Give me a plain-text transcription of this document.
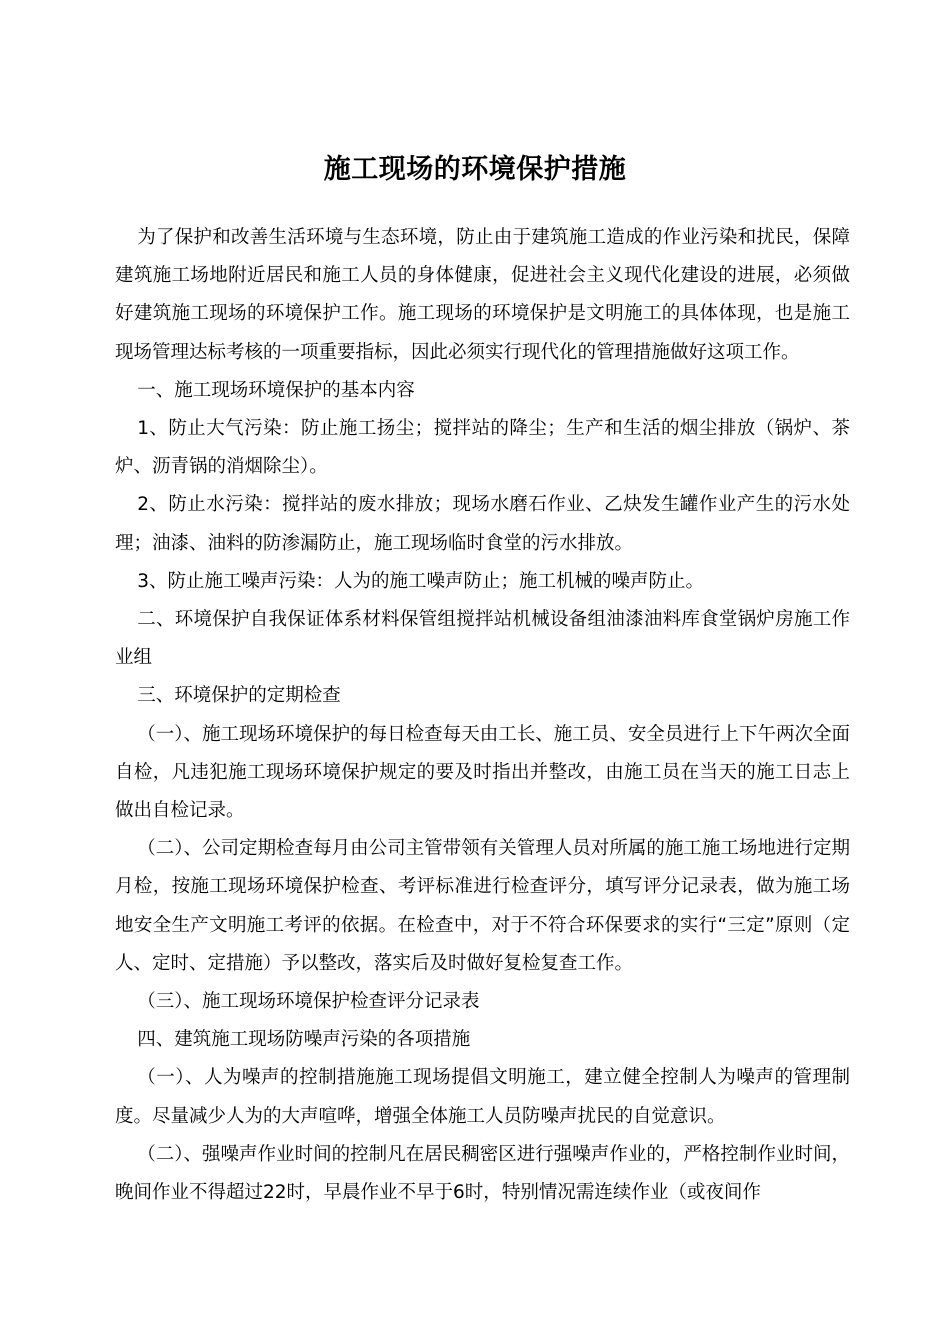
施工现场的环境保护措施

为了保护和改善生活环境与生态环境，防止由于建筑施工造成的作业污染和扰民，保障建筑施工场地附近居民和施工人员的身体健康，促进社会主义现代化建设的进展，必须做好建筑施工现场的环境保护工作。施工现场的环境保护是文明施工的具体体现，也是施工现场管理达标考核的一项重要指标，因此必须实行现代化的管理措施做好这项工作。

一、施工现场环境保护的基本内容

1、防止大气污染：防止施工扬尘；搅拌站的降尘；生产和生活的烟尘排放（锅炉、茶炉、沥青锅的消烟除尘）。

2、防止水污染：搅拌站的废水排放；现场水磨石作业、乙炔发生罐作业产生的污水处理；油漆、油料的防渗漏防止，施工现场临时食堂的污水排放。

3、防止施工噪声污染：人为的施工噪声防止；施工机械的噪声防止。

二、环境保护自我保证体系材料保管组搅拌站机械设备组油漆油料库食堂锅炉房施工作业组

三、环境保护的定期检查

（一）、施工现场环境保护的每日检查每天由工长、施工员、安全员进行上下午两次全面自检，凡违犯施工现场环境保护规定的要及时指出并整改，由施工员在当天的施工日志上做出自检记录。

（二）、公司定期检查每月由公司主管带领有关管理人员对所属的施工施工场地进行定期月检，按施工现场环境保护检查、考评标准进行检查评分，填写评分记录表，做为施工场地安全生产文明施工考评的依据。在检查中，对于不符合环保要求的实行“三定”原则（定人、定时、定措施）予以整改，落实后及时做好复检复查工作。

（三）、施工现场环境保护检查评分记录表

四、建筑施工现场防噪声污染的各项措施

（一）、人为噪声的控制措施施工现场提倡文明施工，建立健全控制人为噪声的管理制度。尽量减少人为的大声喧哗，增强全体施工人员防噪声扰民的自觉意识。

（二）、强噪声作业时间的控制凡在居民稠密区进行强噪声作业的，严格控制作业时间，晚间作业不得超过22时，早晨作业不早于6时，特别情况需连续作业（或夜间作
